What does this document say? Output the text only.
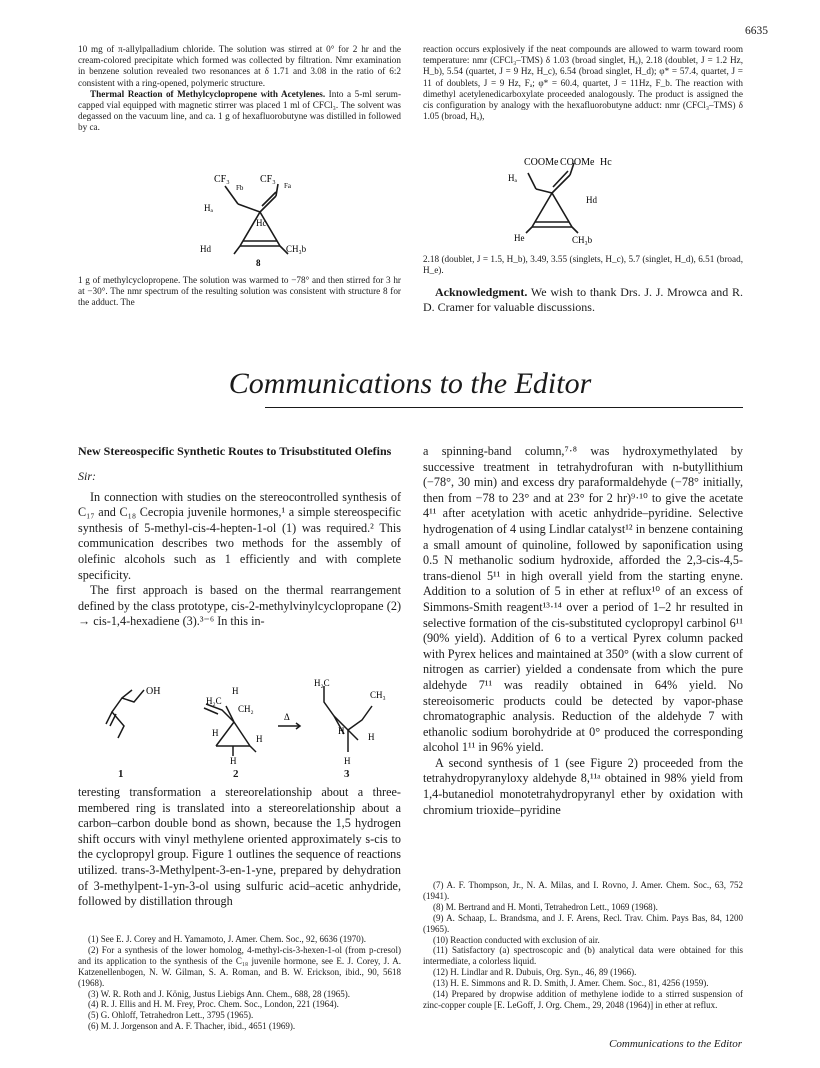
6635

10 mg of π-allylpalladium chloride. The solution was stirred at 0° for 2 hr and the cream-colored precipitate which formed was collected by filtration. Nmr examination in benzene solution revealed two resonances at δ 1.71 and 3.08 in the ratio of 6:2 consistent with a ring-opened, polymeric structure.

Thermal Reaction of Methylcyclopropene with Acetylenes. Into a 5-ml serum-capped vial equipped with magnetic stirrer was placed 1 ml of CFCl₃. The solvent was degassed on the vacuum line, and ca. 1 g of hexafluorobutyne was distilled in followed by ca.

CF₃
Fb
CF₃
Fa
Hₐ
Hc
Hd	CH₃b
8

1 g of methylcyclopropene. The solution was warmed to −78° and then stirred for 3 hr at −30°. The nmr spectrum of the resulting solution was consistent with structure 8 for the adduct. The

reaction occurs explosively if the neat compounds are allowed to warm toward room temperature: nmr (CFCl₃–TMS) δ 1.03 (broad singlet, Hₐ), 2.18 (doublet, J = 1.2 Hz, H_b), 5.54 (quartet, J = 9 Hz, H_c), 6.54 (broad singlet, H_d); φ* = 57.4, quartet, J = 11 of doublets, J = 9 Hz, Fₐ; φ* = 60.4, quartet, J = 11Hz, F_b. The reaction with dimethyl acetylenedicarboxylate proceeded analogously. The product is assigned the cis configuration by analogy with the hexafluorobutyne adduct: nmr (CFCl₃–TMS) δ 1.05 (broad, Hₐ),

COOMe COOMe Hc
Hₐ
Hd
He	CH₃b

2.18 (doublet, J = 1.5, H_b), 3.49, 3.55 (singlets, H_c), 5.7 (singlet, H_d), 6.51 (broad, H_e).

Acknowledgment. We wish to thank Drs. J. J. Mrowca and R. D. Cramer for valuable discussions.

Communications to the Editor

New Stereospecific Synthetic Routes to Trisubstituted Olefins

Sir:

In connection with studies on the stereocontrolled synthesis of C₁₇ and C₁₈ Cecropia juvenile hormones,¹ a simple stereospecific synthesis of 5-methyl-cis-4-hepten-1-ol (1) was required.² This communication describes two methods for the assembly of olefinic alcohols such as 1 efficiently and with complete specificity.

The first approach is based on the thermal rearrangement defined by the class prototype, cis-2-methylvinylcyclopropane (2) → cis-1,4-hexadiene (3).³⁻⁶ In this in-

OH
H₂C
H
CH₂
Δ
H
H
H
H₂C
CH₃
H
H
H
1	2	3

teresting transformation a stereorelationship about a three-membered ring is translated into a stereorelationship about a carbon–carbon double bond as shown, because the 1,5 hydrogen shift occurs with vinyl methylene oriented approximately s-cis to the cyclopropyl group. Figure 1 outlines the sequence of reactions utilized. trans-3-Methylpent-3-en-1-yne, prepared by dehydration of 3-methylpent-1-yn-3-ol using sulfuric acid–acetic anhydride, followed by distillation through

(1) See E. J. Corey and H. Yamamoto, J. Amer. Chem. Soc., 92, 6636 (1970).

(2) For a synthesis of the lower homolog, 4-methyl-cis-3-hexen-1-ol (from p-cresol) and its application to the synthesis of the C₁₈ juvenile hormone, see E. J. Corey, J. A. Katzenellenbogen, N. W. Gilman, S. A. Roman, and B. W. Erickson, ibid., 90, 5618 (1968).

(3) W. R. Roth and J. König, Justus Liebigs Ann. Chem., 688, 28 (1965).

(4) R. J. Ellis and H. M. Frey, Proc. Chem. Soc., London, 221 (1964).

(5) G. Ohloff, Tetrahedron Lett., 3795 (1965).

(6) M. J. Jorgenson and A. F. Thacher, ibid., 4651 (1969).

a spinning-band column,⁷·⁸ was hydroxymethylated by successive treatment in tetrahydrofuran with n-butyllithium (−78°, 30 min) and excess dry paraformaldehyde (−78° initially, then from −78 to 23° and at 23° for 2 hr)⁹·¹⁰ to give the acetate 4¹¹ after acetylation with acetic anhydride–pyridine. Selective hydrogenation of 4 using Lindlar catalyst¹² in benzene containing a small amount of quinoline, followed by saponification using 0.5 N methanolic sodium hydroxide, afforded the 2,3-cis-4,5-trans-dienol 5¹¹ in high overall yield from the starting enyne. Addition to a solution of 5 in ether at reflux¹⁰ of an excess of Simmons-Smith reagent¹³·¹⁴ over a period of 1–2 hr resulted in selective formation of the cis-substituted cyclopropyl carbinol 6¹¹ (90% yield). Addition of 6 to a vertical Pyrex column packed with Pyrex helices and maintained at 350° (with a slow current of nitrogen as carrier) yielded a condensate from which the pure aldehyde 7¹¹ was readily obtained in 64% yield. No stereoisomeric products could be detected by vapor-phase chromatographic analysis. Reduction of the aldehyde 7 with ethanolic sodium borohydride at 0° produced the corresponding alcohol 1¹¹ in 96% yield.

A second synthesis of 1 (see Figure 2) proceeded from the tetrahydropyranyloxy aldehyde 8,¹¹ᵃ obtained in 98% yield from 1,4-butanediol monotetrahydropyranyl ether by oxidation with chromium trioxide–pyridine

(7) A. F. Thompson, Jr., N. A. Milas, and I. Rovno, J. Amer. Chem. Soc., 63, 752 (1941).

(8) M. Bertrand and H. Monti, Tetrahedron Lett., 1069 (1968).

(9) A. Schaap, L. Brandsma, and J. F. Arens, Recl. Trav. Chim. Pays Bas, 84, 1200 (1965).

(10) Reaction conducted with exclusion of air.

(11) Satisfactory (a) spectroscopic and (b) analytical data were obtained for this intermediate, a colorless liquid.

(12) H. Lindlar and R. Dubuis, Org. Syn., 46, 89 (1966).

(13) H. E. Simmons and R. D. Smith, J. Amer. Chem. Soc., 81, 4256 (1959).

(14) Prepared by dropwise addition of methylene iodide to a stirred suspension of zinc-copper couple [E. LeGoff, J. Org. Chem., 29, 2048 (1964)] in ether at reflux.

Communications to the Editor
